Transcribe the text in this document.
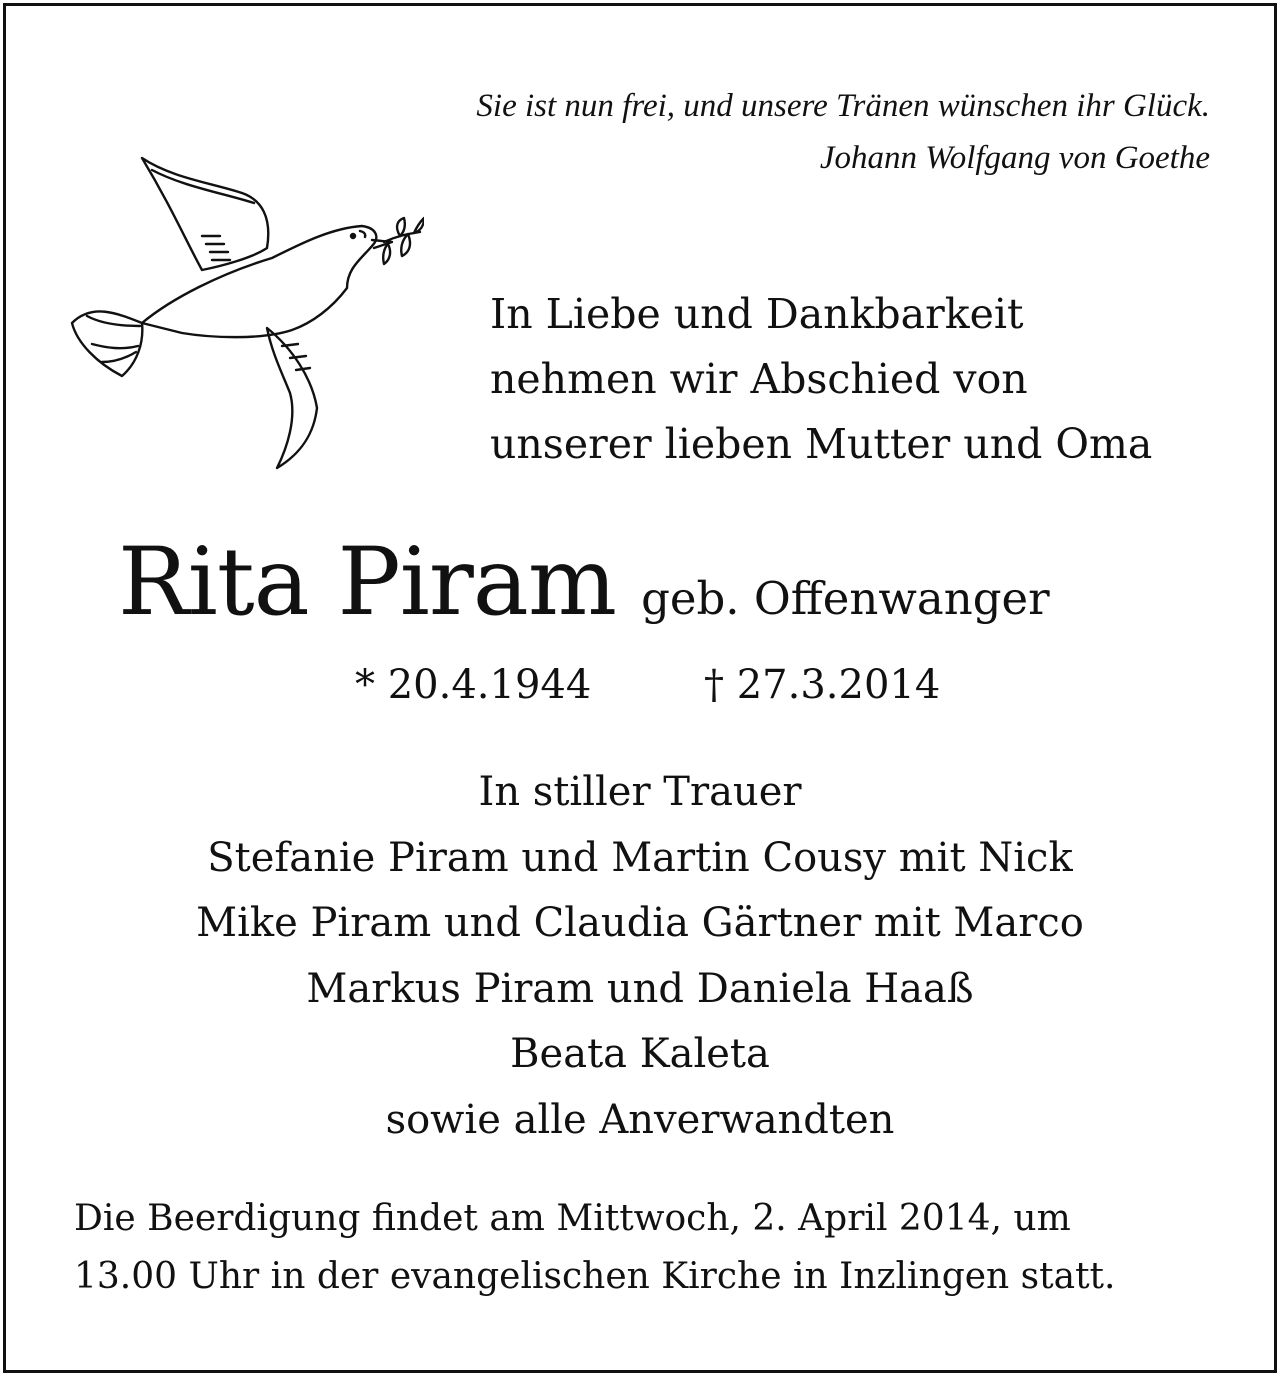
Sie ist nun frei, und unsere Tränen wünschen ihr Glück.
Johann Wolfgang von Goethe
In Liebe und Dankbarkeit
nehmen wir Abschied von
unserer lieben Mutter und Oma
Rita Piram geb. Offenwanger
* 20.4.1944	† 27.3.2014
In stiller Trauer
Stefanie Piram und Martin Cousy mit Nick
Mike Piram und Claudia Gärtner mit Marco
Markus Piram und Daniela Haaß
Beata Kaleta
sowie alle Anverwandten
Die Beerdigung findet am Mittwoch, 2. April 2014, um
13.00 Uhr in der evangelischen Kirche in Inzlingen statt.
